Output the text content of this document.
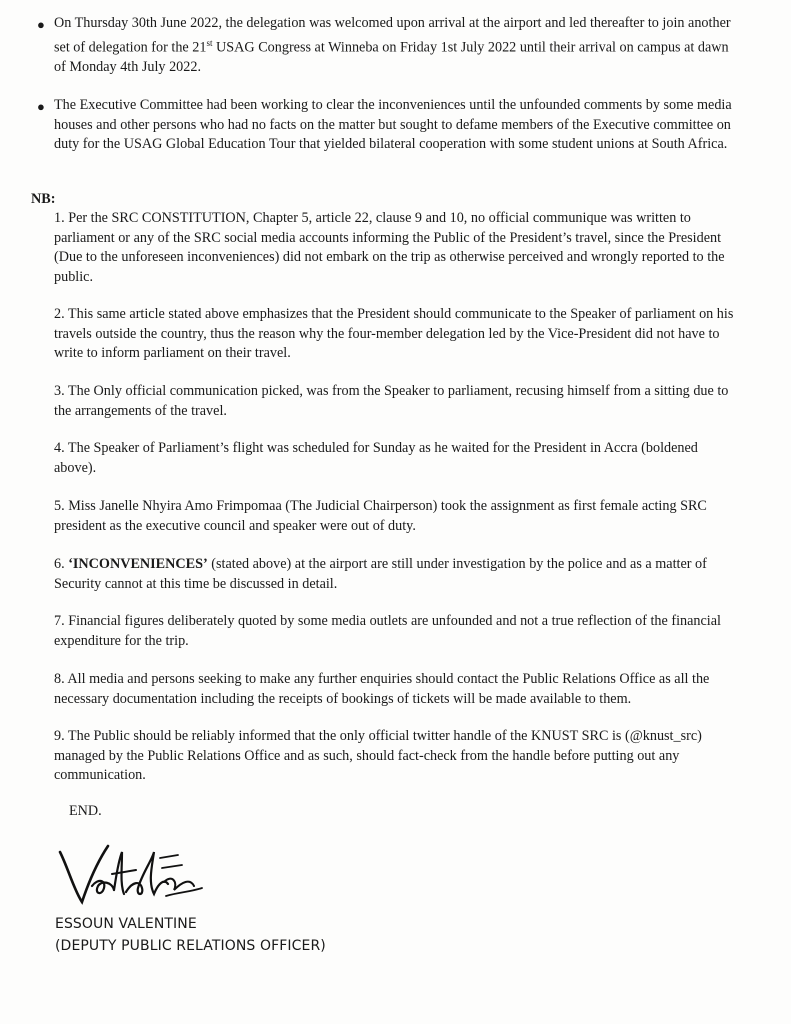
● On Thursday 30th June 2022, the delegation was welcomed upon arrival at the airport and led thereafter to join another set of delegation for the 21st USAG Congress at Winneba on Friday 1st July 2022 until their arrival on campus at dawn of Monday 4th July 2022.
● The Executive Committee had been working to clear the inconveniences until the unfounded comments by some media houses and other persons who had no facts on the matter but sought to defame members of the Executive committee on duty for the USAG Global Education Tour that yielded bilateral cooperation with some student unions at South Africa.
NB:
1. Per the SRC CONSTITUTION, Chapter 5, article 22, clause 9 and 10, no official communique was written to parliament or any of the SRC social media accounts informing the Public of the President’s travel, since the President (Due to the unforeseen inconveniences) did not embark on the trip as otherwise perceived and wrongly reported to the public.
2. This same article stated above emphasizes that the President should communicate to the Speaker of parliament on his travels outside the country, thus the reason why the four-member delegation led by the Vice-President did not have to write to inform parliament on their travel.
3. The Only official communication picked, was from the Speaker to parliament, recusing himself from a sitting due to the arrangements of the travel.
4. The Speaker of Parliament’s flight was scheduled for Sunday as he waited for the President in Accra (boldened above).
5. Miss Janelle Nhyira Amo Frimpomaa (The Judicial Chairperson) took the assignment as first female acting SRC president as the executive council and speaker were out of duty.
6. ‘INCONVENIENCES’ (stated above) at the airport are still under investigation by the police and as a matter of Security cannot at this time be discussed in detail.
7. Financial figures deliberately quoted by some media outlets are unfounded and not a true reflection of the financial expenditure for the trip.
8. All media and persons seeking to make any further enquiries should contact the Public Relations Office as all the necessary documentation including the receipts of bookings of tickets will be made available to them.
9. The Public should be reliably informed that the only official twitter handle of the KNUST SRC is (@knust_src) managed by the Public Relations Office and as such, should fact-check from the handle before putting out any communication.
END.
ESSOUN VALENTINE
(DEPUTY PUBLIC RELATIONS OFFICER)
